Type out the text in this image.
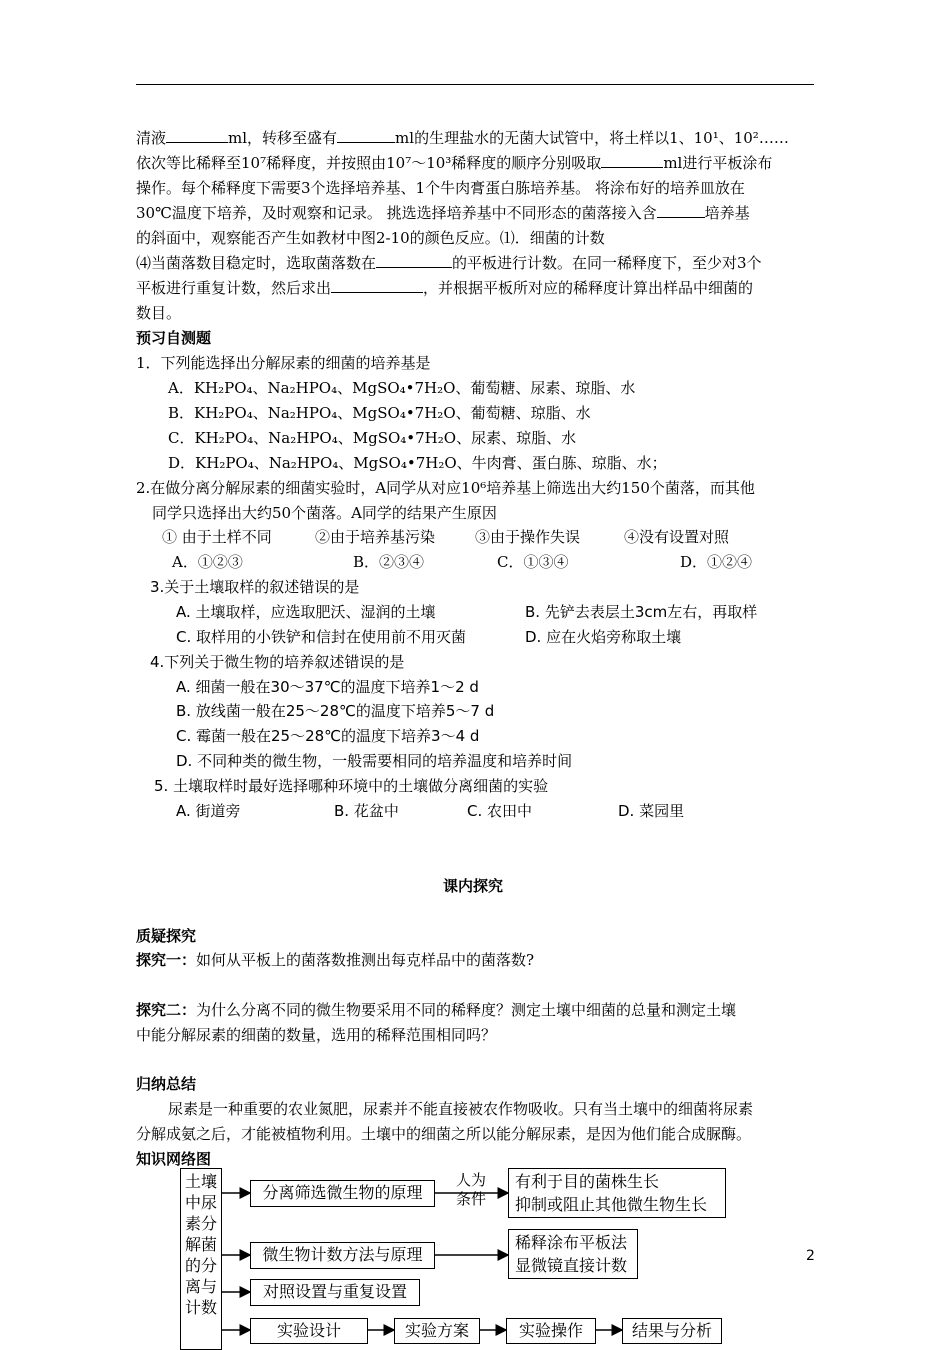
清液	ml，转移至盛有	ml的生理盐水的无菌大试管中，将土样以1、10¹、10²……
依次等比稀释至10⁷稀释度，并按照由10⁷～10³稀释度的顺序分别吸取	ml进行平板涂布
操作。每个稀释度下需要3个选择培养基、1个牛肉膏蛋白胨培养基。 将涂布好的培养皿放在
30℃温度下培养，及时观察和记录。 挑选选择培养基中不同形态的菌落接入含	培养基
的斜面中，观察能否产生如教材中图2-10的颜色反应。⑴．细菌的计数
⑷当菌落数目稳定时，选取菌落数在	的平板进行计数。在同一稀释度下，至少对3个
平板进行重复计数，然后求出	，并根据平板所对应的稀释度计算出样品中细菌的
数目。
预习自测题
1．下列能选择出分解尿素的细菌的培养基是
A．KH₂PO₄、Na₂HPO₄、MgSO₄•7H₂O、葡萄糖、尿素、琼脂、水
B．KH₂PO₄、Na₂HPO₄、MgSO₄•7H₂O、葡萄糖、琼脂、水
C．KH₂PO₄、Na₂HPO₄、MgSO₄•7H₂O、尿素、琼脂、水
D．KH₂PO₄、Na₂HPO₄、MgSO₄•7H₂O、牛肉膏、蛋白胨、琼脂、水；
2.在做分离分解尿素的细菌实验时，A同学从对应10⁶培养基上筛选出大约150个菌落，而其他
同学只选择出大约50个菌落。A同学的结果产生原因
① 由于土样不同	②由于培养基污染	③由于操作失误	④没有设置对照
A．①②③	B．②③④	C．①③④	D．①②④
3.关于土壤取样的叙述错误的是
A. 土壤取样，应选取肥沃、湿润的土壤	B. 先铲去表层土3cm左右，再取样
C. 取样用的小铁铲和信封在使用前不用灭菌	D. 应在火焰旁称取土壤
4.下列关于微生物的培养叙述错误的是
A. 细菌一般在30～37℃的温度下培养1～2 d
B. 放线菌一般在25～28℃的温度下培养5～7 d
C. 霉菌一般在25～28℃的温度下培养3～4 d
D. 不同种类的微生物，一般需要相同的培养温度和培养时间
5. 土壤取样时最好选择哪种环境中的土壤做分离细菌的实验
A. 街道旁	B. 花盆中	C. 农田中	D. 菜园里
课内探究
质疑探究
探究一：如何从平板上的菌落数推测出每克样品中的菌落数?
探究二：为什么分离不同的微生物要采用不同的稀释度？测定土壤中细菌的总量和测定土壤
中能分解尿素的细菌的数量，选用的稀释范围相同吗？
归纳总结
尿素是一种重要的农业氮肥，尿素并不能直接被农作物吸收。只有当土壤中的细菌将尿素
分解成氨之后，才能被植物利用。土壤中的细菌之所以能分解尿素，是因为他们能合成脲酶。
知识网络图
土壤中尿素分解菌的分离与计数
分离筛选微生物的原理
人为
条件
有利于目的菌株生长
抑制或阻止其他微生物生长
微生物计数方法与原理
稀释涂布平板法
显微镜直接计数
对照设置与重复设置
实验设计	实验方案	实验操作	结果与分析
2
